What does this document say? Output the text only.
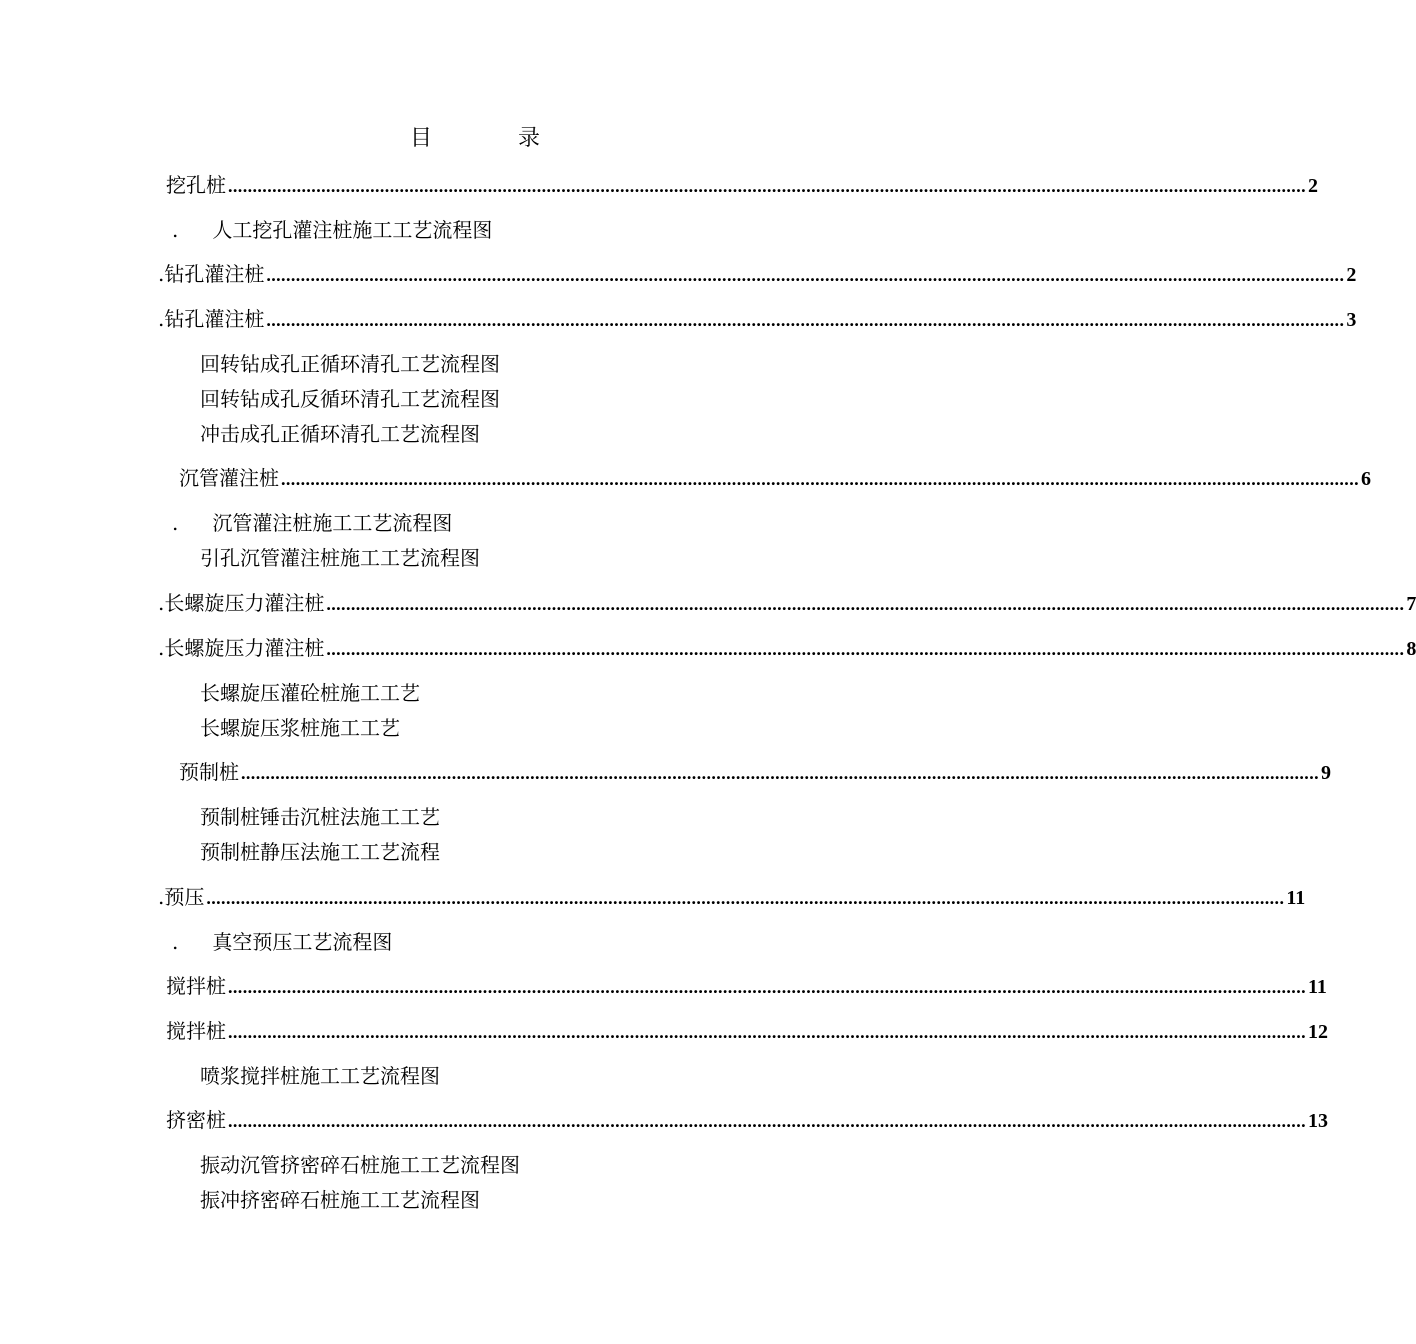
目	录
挖孔桩 ............................................................................................................................................................................................................................ 2
. 人工挖孔灌注桩施工工艺流程图
. 钻孔灌注桩 ............................................................................................................................................................................................................................ 2
. 钻孔灌注桩 ............................................................................................................................................................................................................................ 3
回转钻成孔正循环清孔工艺流程图
回转钻成孔反循环清孔工艺流程图
冲击成孔正循环清孔工艺流程图
沉管灌注桩 ............................................................................................................................................................................................................................ 6
. 沉管灌注桩施工工艺流程图
引孔沉管灌注桩施工工艺流程图
. 长螺旋压力灌注桩 ............................................................................................................................................................................................................................ 7
. 长螺旋压力灌注桩 ............................................................................................................................................................................................................................ 8
长螺旋压灌砼桩施工工艺
长螺旋压浆桩施工工艺
预制桩 ............................................................................................................................................................................................................................ 9
预制桩锤击沉桩法施工工艺
预制桩静压法施工工艺流程
. 预压 ............................................................................................................................................................................................................................ 11
. 真空预压工艺流程图
搅拌桩 ............................................................................................................................................................................................................................ 11
搅拌桩 ............................................................................................................................................................................................................................ 12
喷浆搅拌桩施工工艺流程图
挤密桩 ............................................................................................................................................................................................................................ 13
振动沉管挤密碎石桩施工工艺流程图
振冲挤密碎石桩施工工艺流程图
